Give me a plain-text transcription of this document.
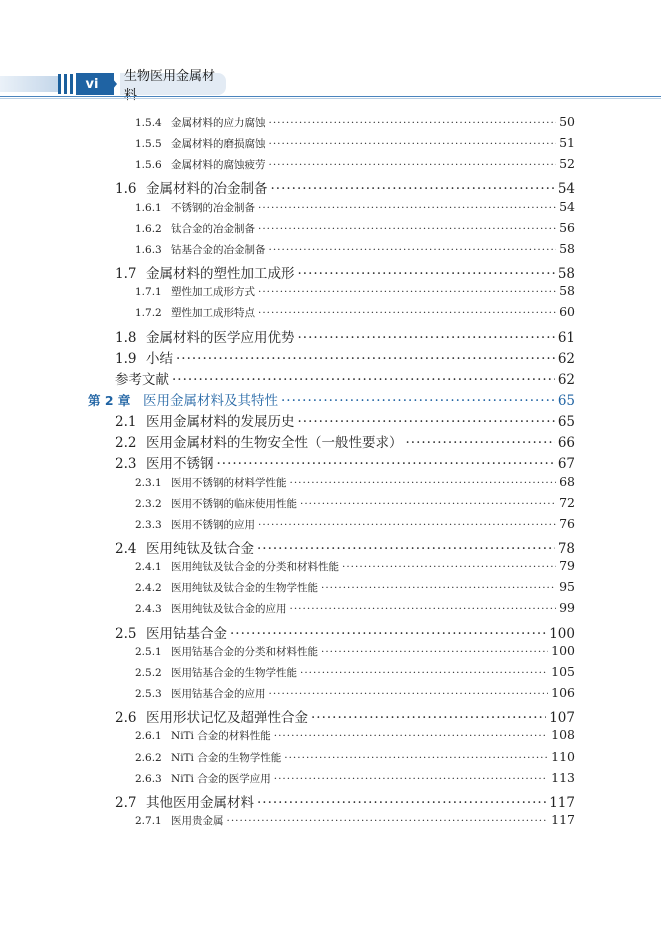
vi	生物医用金属材
1.5.4 金属材料的应力腐蚀 ·····	50
1.5.5 金属材料的磨损腐蚀 ·····	51
1.5.6 金属材料的腐蚀疲劳 ·····	52
1.6 金属材料的冶金制备 ·····	54
1.6.1 不锈钢的冶金制备 ·····	54
1.6.2 钛合金的冶金制备 ·····	56
1.6.3 钴基合金的冶金制备 ·····	58
1.7 金属材料的塑性加工成形 ·····	58
1.7.1 塑性加工成形方式 ·····	58
1.7.2 塑性加工成形特点 ·····	60
1.8 金属材料的医学应用优势 ·····	61
1.9 小结 ·····	62
参考文献 ·····	62
第 2 章 医用金属材料及其特性 ·····	65
2.1 医用金属材料的发展历史 ·····	65
2.2 医用金属材料的生物安全性（一般性要求） ·····	66
2.3 医用不锈钢 ·····	67
2.3.1 医用不锈钢的材料学性能 ·····	68
2.3.2 医用不锈钢的临床使用性能 ·····	72
2.3.3 医用不锈钢的应用 ·····	76
2.4 医用纯钛及钛合金 ·····	78
2.4.1 医用纯钛及钛合金的分类和材料性能 ·····	79
2.4.2 医用纯钛及钛合金的生物学性能 ·····	95
2.4.3 医用纯钛及钛合金的应用 ·····	99
2.5 医用钴基合金 ·····	100
2.5.1 医用钴基合金的分类和材料性能 ·····	100
2.5.2 医用钴基合金的生物学性能 ·····	105
2.5.3 医用钴基合金的应用 ·····	106
2.6 医用形状记忆及超弹性合金 ·····	107
2.6.1 NiTi 合金的材料性能 ·····	108
2.6.2 NiTi 合金的生物学性能 ·····	110
2.6.3 NiTi 合金的医学应用 ·····	113
2.7 其他医用金属材料 ·····	117
2.7.1 医用贵金属 ·····	117
